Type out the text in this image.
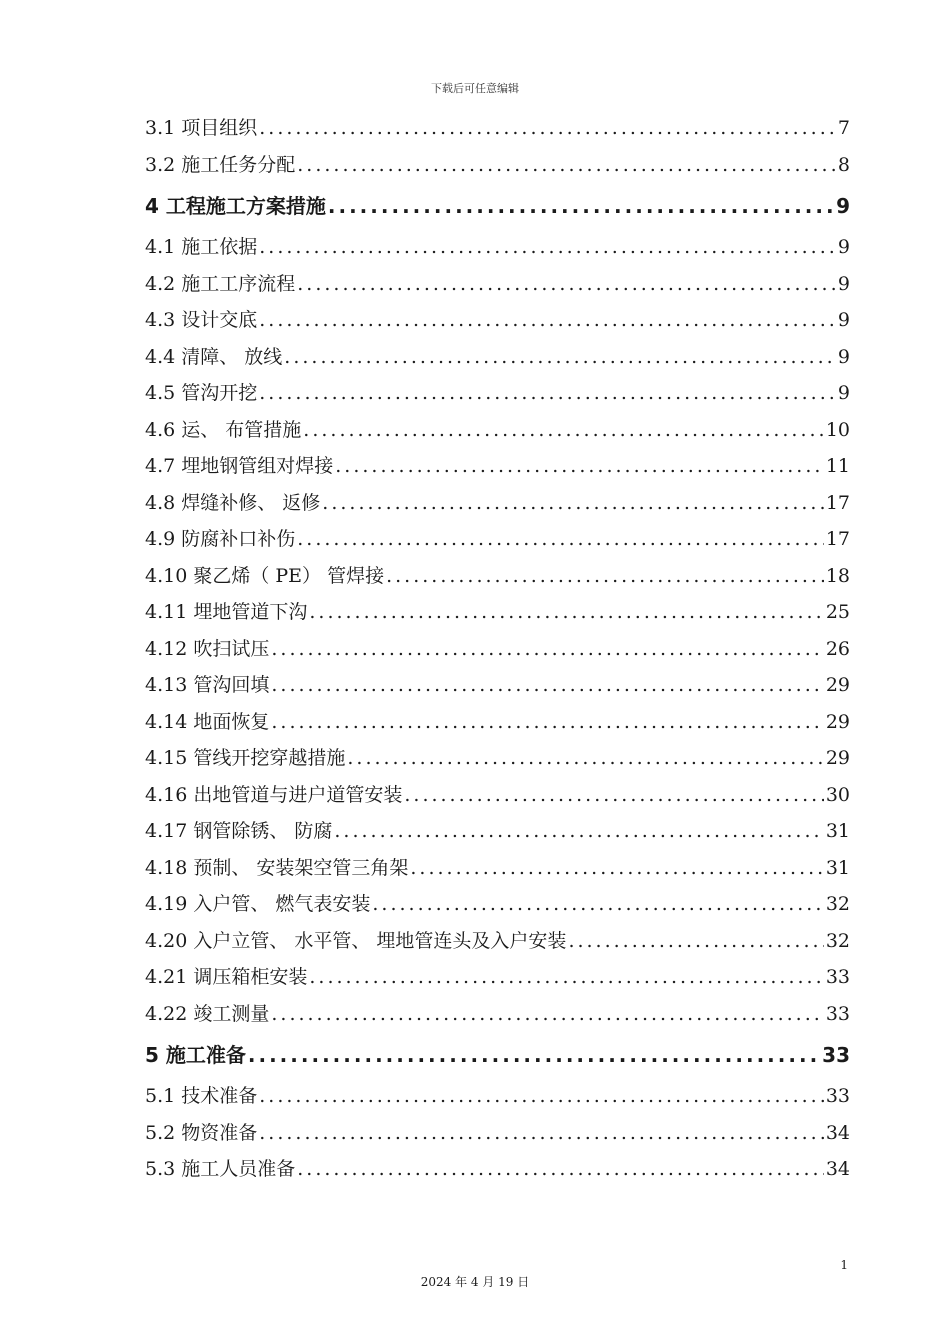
下载后可任意编辑
3.1 项目组织 .....	7
3.2 施工任务分配 .....	8
4 工程施工方案措施 .....	9
4.1 施工依据 .....	9
4.2 施工工序流程 .....	9
4.3 设计交底 .....	9
4.4 清障、 放线 .....	9
4.5 管沟开挖 .....	9
4.6 运、 布管措施 .....	10
4.7 埋地钢管组对焊接 .....	11
4.8 焊缝补修、 返修 .....	17
4.9 防腐补口补伤 .....	17
4.10 聚乙烯（ PE） 管焊接 .....	18
4.11 埋地管道下沟 .....	25
4.12 吹扫试压 .....	26
4.13 管沟回填 .....	29
4.14 地面恢复 .....	29
4.15 管线开挖穿越措施 .....	29
4.16 出地管道与进户道管安装 .....	30
4.17 钢管除锈、 防腐 .....	31
4.18 预制、 安装架空管三角架 .....	31
4.19 入户管、 燃气表安装 .....	32
4.20 入户立管、 水平管、 埋地管连头及入户安装 .....	32
4.21 调压箱柜安装 .....	33
4.22 竣工测量 .....	33
5 施工准备 .....	33
5.1 技术准备 .....	33
5.2 物资准备 .....	34
5.3 施工人员准备 .....	34
1
2024 年 4 月 19 日
